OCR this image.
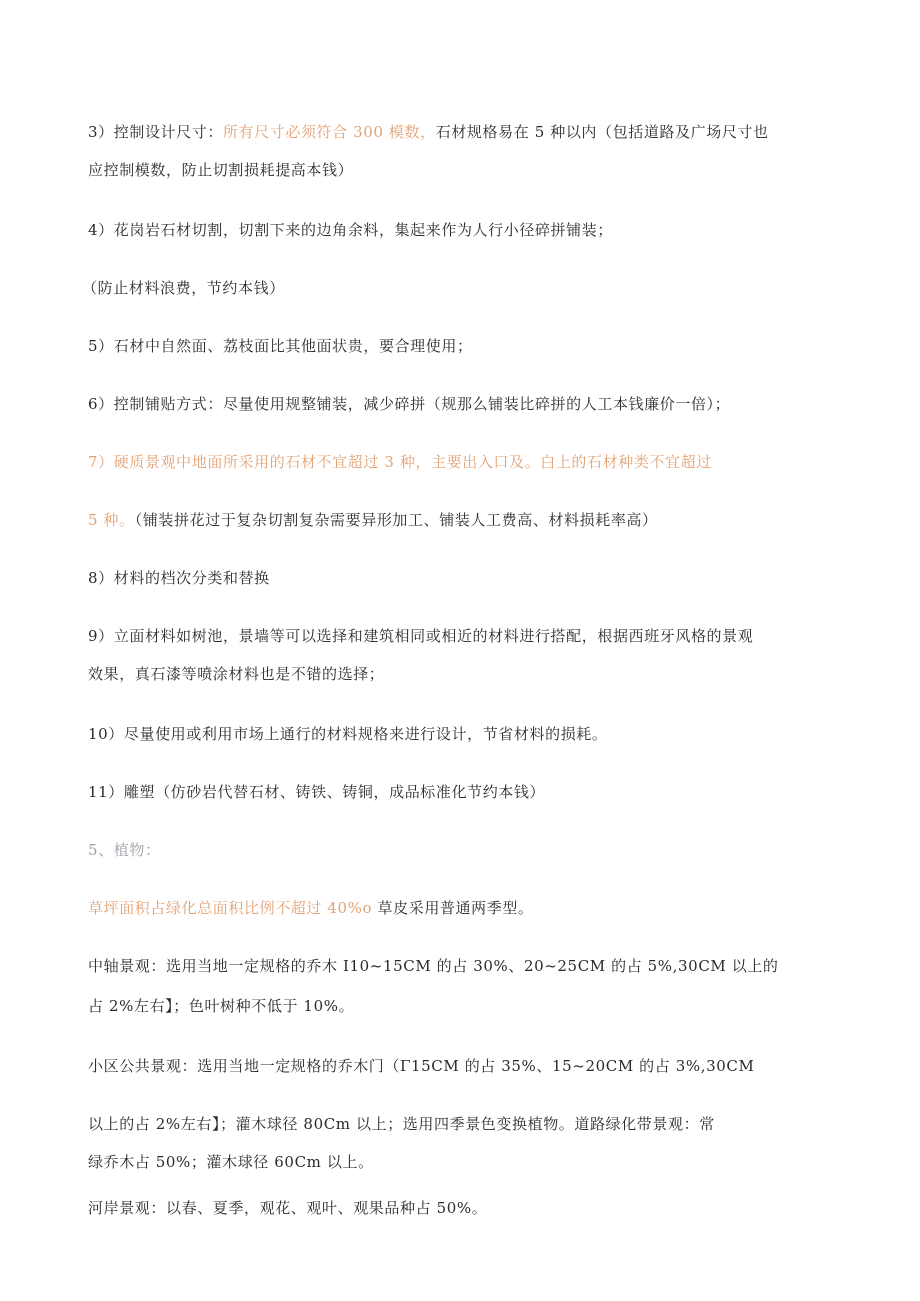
3）控制设计尺寸：所有尺寸必须符合 300 模数，石材规格易在 5 种以内（包括道路及广场尺寸也

应控制模数，防止切割损耗提高本钱）

4）花岗岩石材切割，切割下来的边角余料，集起来作为人行小径碎拼铺装；

（防止材料浪费，节约本钱）

5）石材中自然面、荔枝面比其他面状贵，要合理使用；

6）控制铺贴方式：尽量使用规整铺装，减少碎拼（规那么铺装比碎拼的人工本钱廉价一倍）；

7）硬质景观中地面所采用的石材不宜超过 3 种，主要出入口及。白上的石材种类不宜超过

5 种。（铺装拼花过于复杂切割复杂需要异形加工、铺装人工费高、材料损耗率高）

8）材料的档次分类和替换

9）立面材料如树池，景墙等可以选择和建筑相同或相近的材料进行搭配，根据西班牙风格的景观

效果，真石漆等喷涂材料也是不错的选择；

10）尽量使用或利用市场上通行的材料规格来进行设计，节省材料的损耗。

11）雕塑（仿砂岩代替石材、铸铁、铸铜，成品标准化节约本钱）

5、植物：

草坪面积占绿化总面积比例不超过 40%o 草皮采用普通两季型。

中轴景观：选用当地一定规格的乔木 I10~15CM 的占 30%、20~25CM 的占 5%,30CM 以上的

占 2%左右】；色叶树种不低于 10%。

小区公共景观：选用当地一定规格的乔木门（Γ15CM 的占 35%、15~20CM 的占 3%,30CM

以上的占 2%左右】；灌木球径 80Cm 以上；选用四季景色变换植物。道路绿化带景观：常

绿乔木占 50%；灌木球径 60Cm 以上。

河岸景观：以春、夏季，观花、观叶、观果品种占 50%。
